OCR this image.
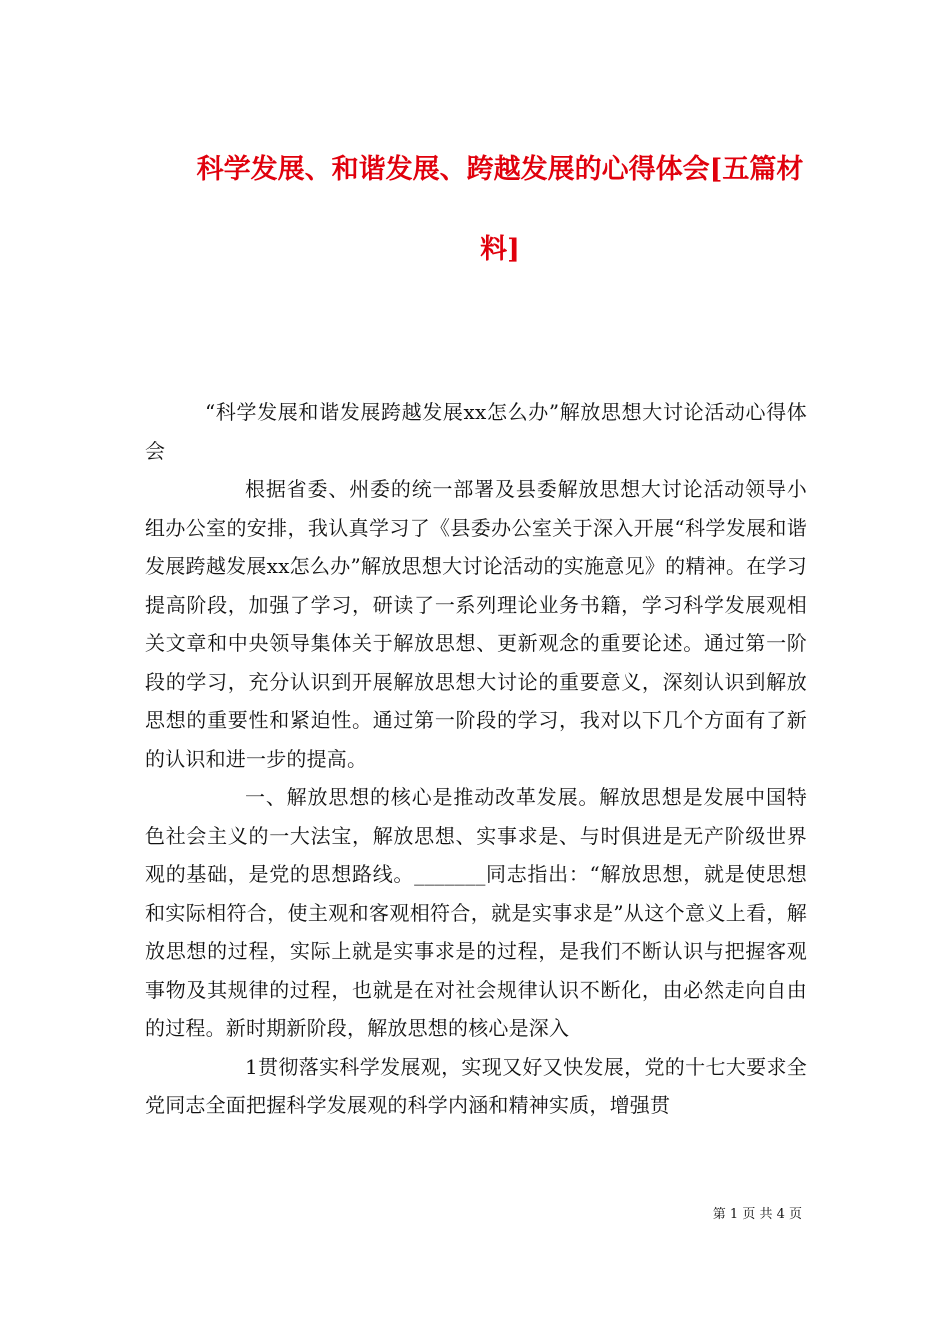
科学发展、和谐发展、跨越发展的心得体会[五篇材料]

“科学发展和谐发展跨越发展xx怎么办”解放思想大讨论活动心得体会

根据省委、州委的统一部署及县委解放思想大讨论活动领导小组办公室的安排，我认真学习了《县委办公室关于深入开展“科学发展和谐发展跨越发展xx怎么办”解放思想大讨论活动的实施意见》的精神。在学习提高阶段，加强了学习，研读了一系列理论业务书籍，学习科学发展观相关文章和中央领导集体关于解放思想、更新观念的重要论述。通过第一阶段的学习，充分认识到开展解放思想大讨论的重要意义，深刻认识到解放思想的重要性和紧迫性。通过第一阶段的学习，我对以下几个方面有了新的认识和进一步的提高。

一、解放思想的核心是推动改革发展。解放思想是发展中国特色社会主义的一大法宝，解放思想、实事求是、与时俱进是无产阶级世界观的基础，是党的思想路线。_______同志指出：“解放思想，就是使思想和实际相符合，使主观和客观相符合，就是实事求是”从这个意义上看，解放思想的过程，实际上就是实事求是的过程，是我们不断认识与把握客观事物及其规律的过程，也就是在对社会规律认识不断化，由必然走向自由的过程。新时期新阶段，解放思想的核心是深入

1贯彻落实科学发展观，实现又好又快发展，党的十七大要求全党同志全面把握科学发展观的科学内涵和精神实质，增强贯

第 1 页 共 4 页
